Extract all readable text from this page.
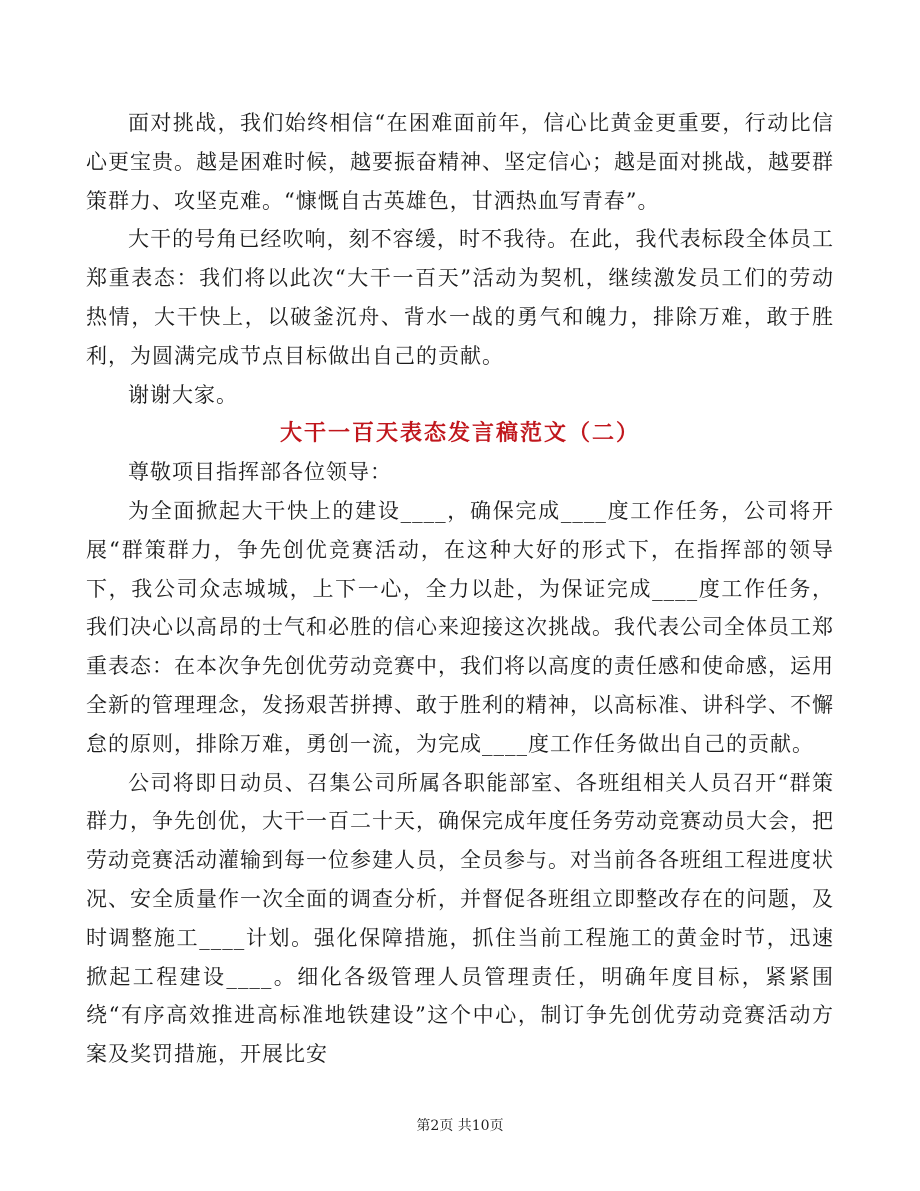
面对挑战，我们始终相信“在困难面前年，信心比黄金更重要，行动比信心更宝贵。越是困难时候，越要振奋精神、坚定信心；越是面对挑战，越要群策群力、攻坚克难。“慷慨自古英雄色，甘洒热血写青春”。

大干的号角已经吹响，刻不容缓，时不我待。在此，我代表标段全体员工郑重表态：我们将以此次“大干一百天”活动为契机，继续激发员工们的劳动热情，大干快上，以破釜沉舟、背水一战的勇气和魄力，排除万难，敢于胜利，为圆满完成节点目标做出自己的贡献。

谢谢大家。

大干一百天表态发言稿范文（二）

尊敬项目指挥部各位领导：

为全面掀起大干快上的建设____，确保完成____度工作任务，公司将开展“群策群力，争先创优竞赛活动，在这种大好的形式下，在指挥部的领导下，我公司众志城城，上下一心，全力以赴，为保证完成____度工作任务，我们决心以高昂的士气和必胜的信心来迎接这次挑战。我代表公司全体员工郑重表态：在本次争先创优劳动竞赛中，我们将以高度的责任感和使命感，运用全新的管理理念，发扬艰苦拼搏、敢于胜利的精神，以高标准、讲科学、不懈怠的原则，排除万难，勇创一流，为完成____度工作任务做出自己的贡献。

公司将即日动员、召集公司所属各职能部室、各班组相关人员召开“群策群力，争先创优，大干一百二十天，确保完成年度任务劳动竞赛动员大会，把劳动竞赛活动灌输到每一位参建人员，全员参与。对当前各各班组工程进度状况、安全质量作一次全面的调查分析，并督促各班组立即整改存在的问题，及时调整施工____计划。强化保障措施，抓住当前工程施工的黄金时节，迅速掀起工程建设____。细化各级管理人员管理责任，明确年度目标，紧紧围绕“有序高效推进高标准地铁建设”这个中心，制订争先创优劳动竞赛活动方案及奖罚措施，开展比安

第2页 共10页
